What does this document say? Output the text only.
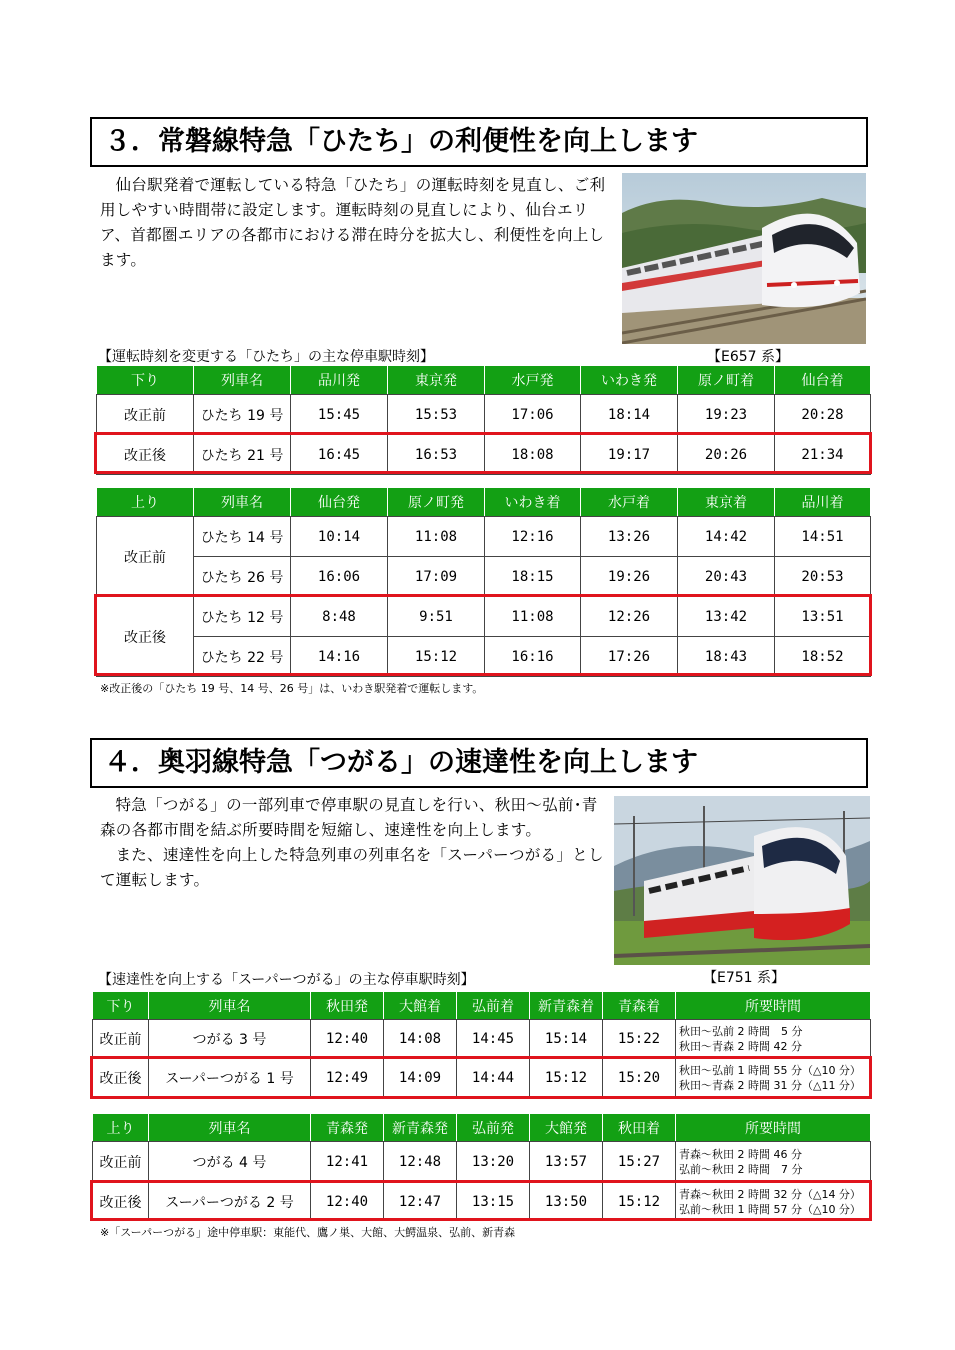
３．常磐線特急「ひたち」の利便性を向上します

仙台駅発着で運転している特急「ひたち」の運転時刻を見直し、ご利用しやすい時間帯に設定します。運転時刻の見直しにより、仙台エリア、首都圏エリアの各都市における滞在時分を拡大し、利便性を向上します。

【E657 系】
【運転時刻を変更する「ひたち」の主な停車駅時刻】
下り	列車名	品川発	東京発	水戸発	いわき発	原ノ町着	仙台着
改正前	ひたち 19 号	15:45	15:53	17:06	18:14	19:23	20:28
改正後	ひたち 21 号	16:45	16:53	18:08	19:17	20:26	21:34
上り	列車名	仙台発	原ノ町発	いわき着	水戸着	東京着	品川着
改正前	ひたち 14 号	10:14	11:08	12:16	13:26	14:42	14:51
	ひたち 26 号	16:06	17:09	18:15	19:26	20:43	20:53
改正後	ひたち 12 号	8:48	9:51	11:08	12:26	13:42	13:51
	ひたち 22 号	14:16	15:12	16:16	17:26	18:43	18:52
※改正後の「ひたち 19 号、14 号、26 号」は、いわき駅発着で運転します。
４．奥羽線特急「つがる」の速達性を向上します

特急「つがる」の一部列車で停車駅の見直しを行い、秋田～弘前･青森の各都市間を結ぶ所要時間を短縮し、速達性を向上します。

また、速達性を向上した特急列車の列車名を「スーパーつがる」として運転します。

【E751 系】
【速達性を向上する「スーパーつがる」の主な停車駅時刻】
下り	列車名	秋田発	大館着	弘前着	新青森着	青森着	所要時間
改正前	つがる 3 号	12:40	14:08	14:45	15:14	15:22	秋田～弘前 2 時間　5 分
秋田～青森 2 時間 42 分

改正後	スーパーつがる 1 号	12:49	14:09	14:44	15:12	15:20	秋田～弘前 1 時間 55 分（△10 分）
秋田～青森 2 時間 31 分（△11 分）
上り	列車名	青森発	新青森発	弘前発	大館発	秋田着	所要時間
改正前	つがる 4 号	12:41	12:48	13:20	13:57	15:27	青森～秋田 2 時間 46 分
弘前～秋田 2 時間　7 分

改正後	スーパーつがる 2 号	12:40	12:47	13:15	13:50	15:12	青森～秋田 2 時間 32 分（△14 分）
弘前～秋田 1 時間 57 分（△10 分）
※「スーパーつがる」途中停車駅：東能代、鷹ノ巣、大館、大鰐温泉、弘前、新青森
